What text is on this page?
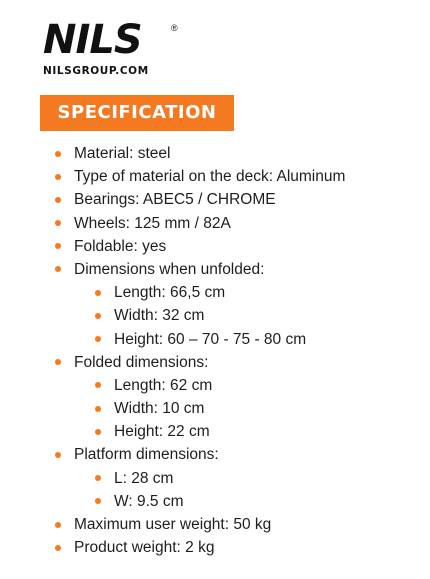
NILS	®
NILSGROUP.COM
SPECIFICATION
Material: steel
Type of material on the deck: Aluminum
Bearings: ABEC5 / CHROME
Wheels: 125 mm / 82A
Foldable: yes
Dimensions when unfolded:
Length: 66,5 cm
Width: 32 cm
Height: 60 – 70 - 75 - 80 cm
Folded dimensions:
Length: 62 cm
Width: 10 cm
Height: 22 cm
Platform dimensions:
L: 28 cm
W: 9.5 cm
Maximum user weight: 50 kg
Product weight: 2 kg
